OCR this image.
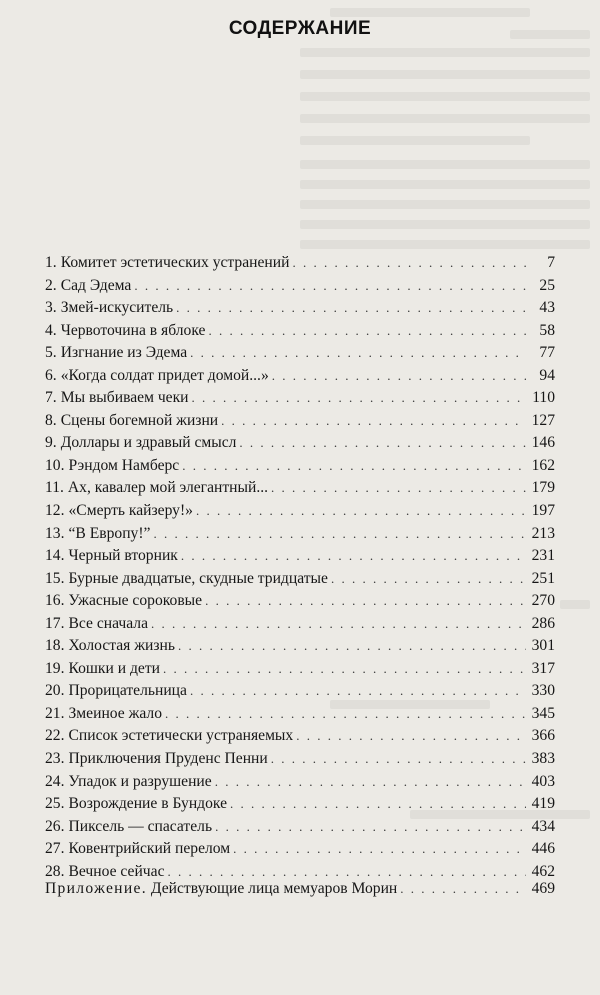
СОДЕРЖАНИЕ
1. Комитет эстетических устранений . . .	7
2. Сад Эдема . . .	25
3. Змей-искуситель . . .	43
4. Червоточина в яблоке . . .	58
5. Изгнание из Эдема . . .	77
6. «Когда солдат придет домой...» . . .	94
7. Мы выбиваем чеки . . .	110
8. Сцены богемной жизни . . .	127
9. Доллары и здравый смысл . . .	146
10. Рэндом Намберс . . .	162
11. Ах, кавалер мой элегантный... . . .	179
12. «Смерть кайзеру!» . . .	197
13. “В Европу!” . . .	213
14. Черный вторник . . .	231
15. Бурные двадцатые, скудные тридцатые . . .	251
16. Ужасные сороковые . . .	270
17. Все сначала . . .	286
18. Холостая жизнь . . .	301
19. Кошки и дети . . .	317
20. Прорицательница . . .	330
21. Змеиное жало . . .	345
22. Список эстетически устраняемых . . .	366
23. Приключения Пруденс Пенни . . .	383
24. Упадок и разрушение . . .	403
25. Возрождение в Бундоке . . .	419
26. Пиксель — спасатель . . .	434
27. Ковентрийский перелом . . .	446
28. Вечное сейчас . . .	462
Приложение. Действующие лица мемуаров Морин . . .	469
